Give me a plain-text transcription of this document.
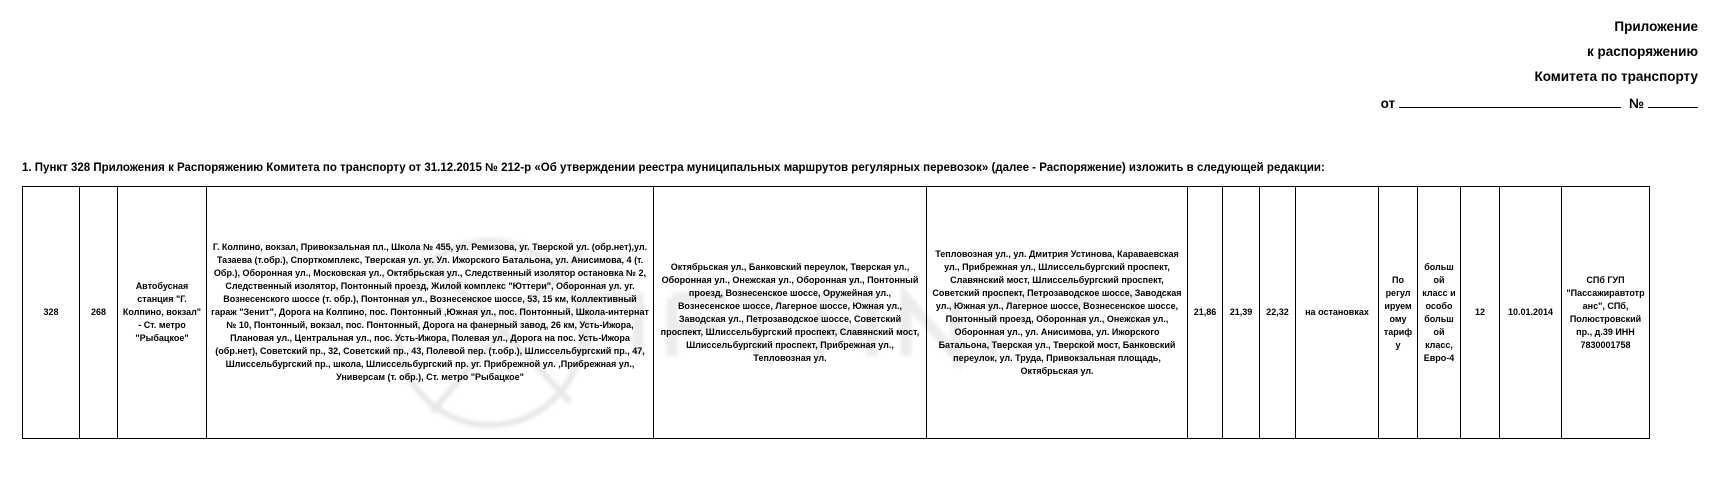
Приложение
к распоряжению
Комитета по транспорту
от	№

1. Пункт 328 Приложения к Распоряжению Комитета по транспорту от 31.12.2015 № 212-р «Об утверждении реестра муниципальных маршрутов регулярных перевозок» (далее - Распоряжение) изложить в следующей редакции:

328	268	Автобусная станция "Г. Колпино, вокзал" - Ст. метро "Рыбацкое"	Г. Колпино, вокзал, Привокзальная пл., Школа № 455, ул. Ремизова, уг. Тверской ул. (обр.нет),ул. Тазаева (т.обр.), Спорткомплекс, Тверская ул. уг. Ул. Ижорского Батальона, ул. Анисимова, 4 (т. Обр.), Оборонная ул., Московская ул., Октябрьская ул., Следственный изолятор остановка № 2, Следственный изолятор, Понтонный проезд, Жилой комплекс "Юттери", Оборонная ул. уг. Вознесенского шоссе (т. обр.), Понтонная ул., Вознесенское шоссе, 53, 15 км, Коллективный гараж "Зенит", Дорога на Колпино, пос. Понтонный ,Южная ул., пос. Понтонный, Школа-интернат № 10, Понтонный, вокзал, пос. Понтонный, Дорога на фанерный завод, 26 км, Усть-Ижора, Плановая ул., Центральная ул., пос. Усть-Ижора, Полевая ул., Дорога на пос. Усть-Ижора (обр.нет), Советский пр., 32, Советский пр., 43, Полевой пер. (т.обр.), Шлиссельбургский пр., 47, Шлиссельбургский пр., школа, Шлиссельбургский пр. уг. Прибрежной ул. ,Прибрежная ул., Универсам (т. обр.), Ст. метро "Рыбацкое"	Октябрьская ул., Банковский переулок, Тверская ул., Оборонная ул., Онежская ул., Оборонная ул., Понтонный проезд, Вознесенское шоссе, Оружейная ул., Вознесенское шоссе, Лагерное шоссе, Южная ул., Заводская ул., Петрозаводское шоссе, Советский проспект, Шлиссельбургский проспект, Славянский мост, Шлиссельбургский проспект, Прибрежная ул., Тепловозная ул.	Тепловозная ул., ул. Дмитрия Устинова, Караваевская ул., Прибрежная ул., Шлиссельбургский проспект, Славянский мост, Шлиссельбургский проспект, Советский проспект, Петрозаводское шоссе, Заводская ул., Южная ул., Лагерное шоссе, Вознесенское шоссе, Понтонный проезд, Оборонная ул., Онежская ул., Оборонная ул., ул. Анисимова, ул. Ижорского Батальона, Тверская ул., Тверской мост, Банковский переулок, ул. Труда, Привокзальная площадь, Октябрьская ул.	21,86	21,39	22,32	на остановках	По регулируемому тарифу	большой класс и особо большой класс, Евро-4	12	10.01.2014	СПб ГУП "Пассажиравтотранс", СПб, Полюстровский пр., д.39 ИНН 7830001758
